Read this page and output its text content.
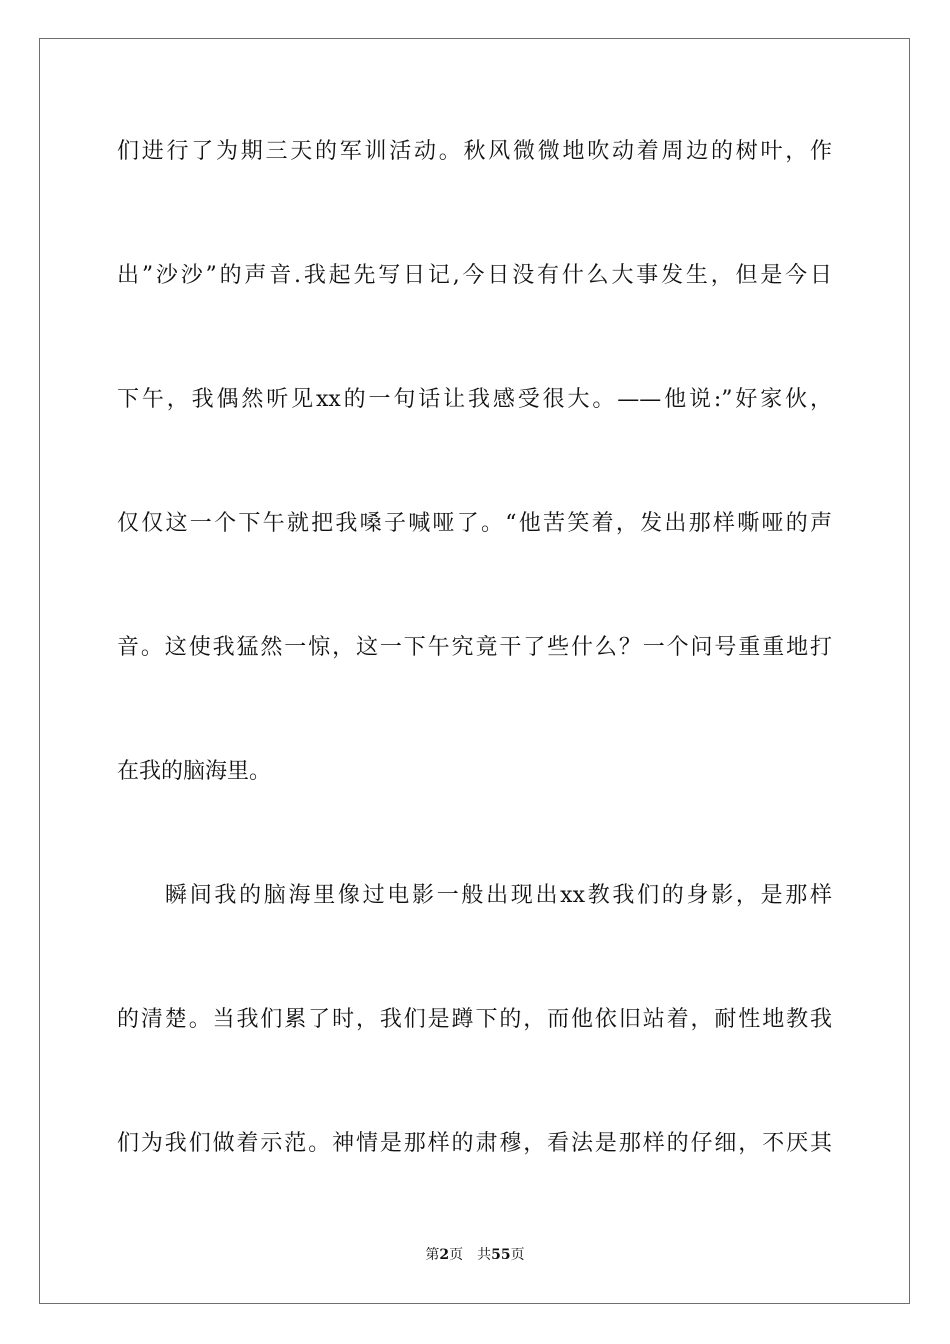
们进行了为期三天的军训活动。秋风微微地吹动着周边的树叶，作
出”沙沙”的声音.我起先写日记,今日没有什么大事发生，但是今日
下午，我偶然听见xx的一句话让我感受很大。——他说:”好家伙，
仅仅这一个下午就把我嗓子喊哑了。“他苦笑着，发出那样嘶哑的声
音。这使我猛然一惊，这一下午究竟干了些什么？一个问号重重地打
在我的脑海里。
瞬间我的脑海里像过电影一般出现出xx教我们的身影，是那样
的清楚。当我们累了时，我们是蹲下的，而他依旧站着，耐性地教我
们为我们做着示范。神情是那样的肃穆，看法是那样的仔细，不厌其
第2页 共55页
